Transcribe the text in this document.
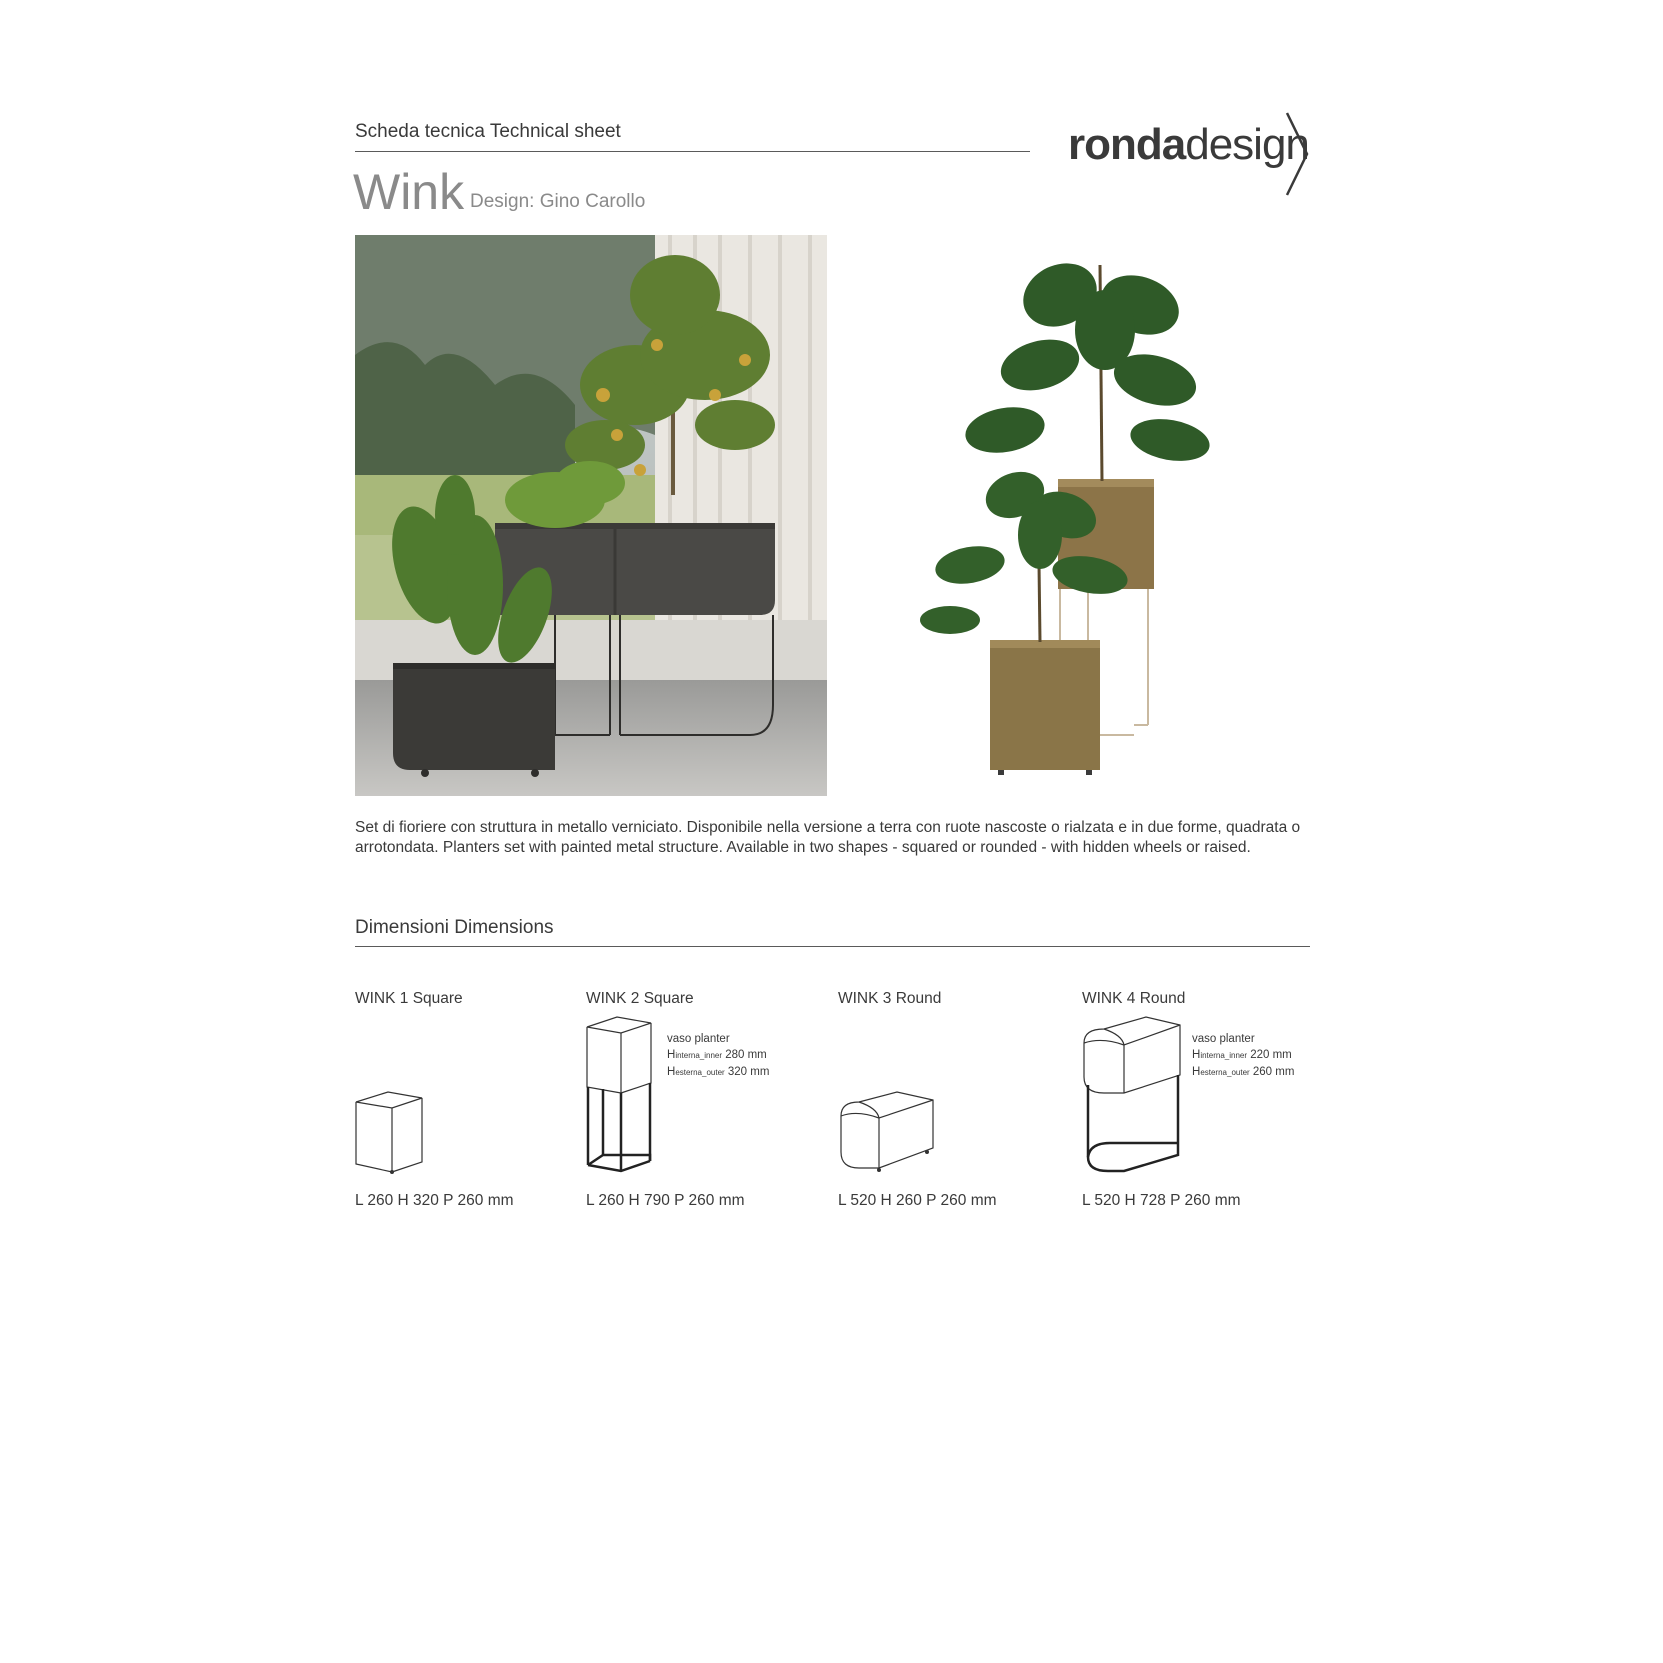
Scheda tecnica Technical sheet	rondadesign
Wink Design: Gino Carollo
Set di fioriere con struttura in metallo verniciato. Disponibile nella versione a terra con ruote nascoste o rialzata e in due forme, quadrata o arrotondata. Planters set with painted metal structure. Available in two shapes - squared or rounded - with hidden wheels or raised.
Dimensioni Dimensions
WINK 1 Square
L 260 H 320 P 260 mm
WINK 2 Square
vaso planter
Hinterna_inner 280 mm
Hesterna_outer 320 mm
L 260 H 790 P 260 mm
WINK 3 Round
L 520 H 260 P 260 mm
WINK 4 Round
vaso planter
Hinterna_inner 220 mm
Hesterna_outer 260 mm
L 520 H 728 P 260 mm
